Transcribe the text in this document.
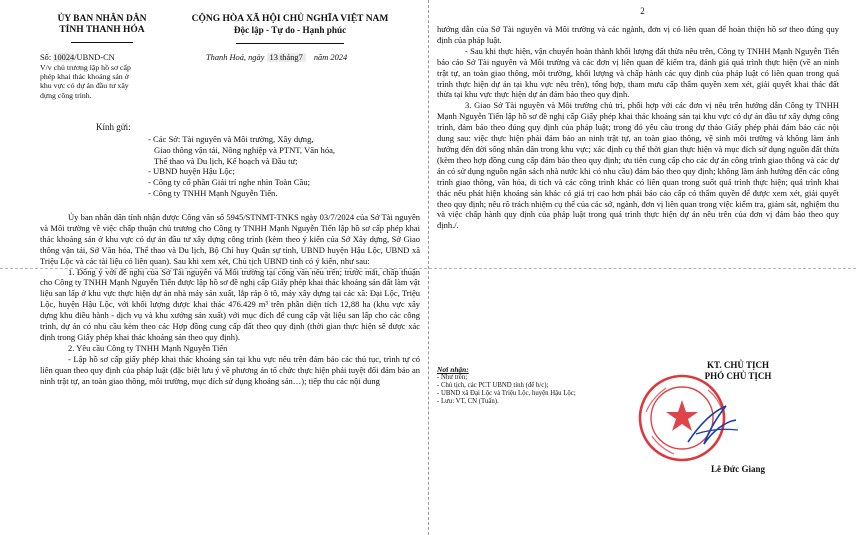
2
ỦY BAN NHÂN DÂN
TỈNH THANH HÓA
CỘNG HÒA XÃ HỘI CHỦ NGHĨA VIỆT NAM
Độc lập - Tự do - Hạnh phúc
Số: 10024/UBND-CN	Thanh Hoá, ngày 13 tháng7 năm 2024
V/v chủ trương lập hồ sơ cấp
phép khai thác khoáng sản ở
khu vực có dự án đầu tư xây
dựng công trình.
Kính gửi:
- Các Sở: Tài nguyên và Môi trường, Xây dựng,
Giao thông vận tải, Nông nghiệp và PTNT, Văn hóa,
Thể thao và Du lịch, Kế hoạch và Đầu tư;
- UBND huyện Hậu Lộc;
- Công ty cổ phần Giải trí nghe nhìn Toàn Cầu;
- Công ty TNHH Mạnh Nguyễn Tiến.

Ủy ban nhân dân tỉnh nhận được Công văn số 5945/STNMT-TNKS ngày 03/7/2024 của Sở Tài nguyên và Môi trường về việc chấp thuận chủ trương cho Công ty TNHH Mạnh Nguyễn Tiến lập hồ sơ cấp phép khai thác khoáng sản ở khu vực có dự án đầu tư xây dựng công trình (kèm theo ý kiến của Sở Xây dựng, Sở Giao thông vận tải, Sở Văn hóa, Thể thao và Du lịch, Bộ Chỉ huy Quân sự tỉnh, UBND huyện Hậu Lộc, UBND xã Triệu Lộc và các tài liệu có liên quan). Sau khi xem xét, Chủ tịch UBND tỉnh có ý kiến, như sau:

1. Đồng ý với đề nghị của Sở Tài nguyên và Môi trường tại công văn nêu trên; trước mắt, chấp thuận cho Công ty TNHH Mạnh Nguyễn Tiến được lập hồ sơ đề nghị cấp Giấy phép khai thác khoáng sản đất làm vật liệu san lấp ở khu vực thực hiện dự án nhà máy sản xuất, lắp ráp ô tô, máy xây dựng tại các xã: Đại Lộc, Triệu Lộc, huyện Hậu Lộc, với khối lượng được khai thác 476.429 m³ trên phần diện tích 12,88 ha (khu vực xây dựng khu điều hành - dịch vụ và khu xưởng sản xuất) với mục đích để cung cấp vật liệu san lấp cho các công trình, dự án có nhu cầu kèm theo các Hợp đồng cung cấp đất theo quy định (thời gian thực hiện sẽ được xác định trong Giấy phép khai thác khoáng sản theo quy định).

2. Yêu cầu Công ty TNHH Mạnh Nguyễn Tiến

- Lập hồ sơ cấp giấy phép khai thác khoáng sản tại khu vực nêu trên đảm bảo các thủ tục, trình tự có liên quan theo quy định của pháp luật (đặc biệt lưu ý về phương án tổ chức thực hiện phải tuyệt đối đảm bảo an ninh trật tự, an toàn giao thông, môi trường, mục đích sử dụng khoáng sản…); tiếp thu các nội dung

hướng dẫn của Sở Tài nguyên và Môi trường và các ngành, đơn vị có liên quan để hoàn thiện hồ sơ theo đúng quy định của pháp luật.

- Sau khi thực hiện, vận chuyển hoàn thành khối lượng đất thừa nêu trên, Công ty TNHH Mạnh Nguyễn Tiến báo cáo Sở Tài nguyên và Môi trường và các đơn vị liên quan để kiểm tra, đánh giá quá trình thực hiện (về an ninh trật tự, an toàn giao thông, môi trường, khối lượng và chấp hành các quy định của pháp luật có liên quan trong quá trình thực hiện dự án tại khu vực nêu trên), tổng hợp, tham mưu cấp thẩm quyền xem xét, giải quyết khai thác đất thừa tại khu vực thực hiện dự án đảm bảo theo quy định.

3. Giao Sở Tài nguyên và Môi trường chủ trì, phối hợp với các đơn vị nêu trên hướng dẫn Công ty TNHH Mạnh Nguyễn Tiến lập hồ sơ đề nghị cấp Giấy phép khai thác khoáng sản tại khu vực có dự án đầu tư xây dựng công trình, đảm bảo theo đúng quy định của pháp luật; trong đó yêu cầu trong dự thảo Giấy phép phải đảm bảo các nội dung sau: việc thực hiện phải đảm bảo an ninh trật tự, an toàn giao thông, vệ sinh môi trường và không làm ảnh hưởng đến đời sống nhân dân trong khu vực; xác định cụ thể thời gian thực hiện và mục đích sử dụng nguồn đất thừa (kèm theo hợp đồng cung cấp đảm bảo theo quy định; ưu tiên cung cấp cho các dự án công trình giao thông và các dự án có sử dụng nguồn ngân sách nhà nước khi có nhu cầu) đảm bảo theo quy định; không làm ảnh hưởng đến các công trình giao thông, văn hóa, di tích và các công trình khác có liên quan trong suốt quá trình thực hiện; quá trình khai thác nếu phát hiện khoáng sản khác có giá trị cao hơn phải báo cáo cấp có thẩm quyền để được xem xét, giải quyết theo quy định; nêu rõ trách nhiệm cụ thể của các sở, ngành, đơn vị liên quan trong việc kiểm tra, giám sát, nghiệm thu và việc chấp hành quy định của pháp luật trong quá trình thực hiện dự án nêu trên của đơn vị đảm bảo theo quy định./.

Nơi nhận:
- Như trên;
- Chủ tịch, các PCT UBND tỉnh (để b/c);
- UBND xã Đại Lộc và Triệu Lộc, huyện Hậu Lộc;
- Lưu: VT, CN (Tuấn).
KT. CHỦ TỊCH
PHÓ CHỦ TỊCH
Lê Đức Giang
